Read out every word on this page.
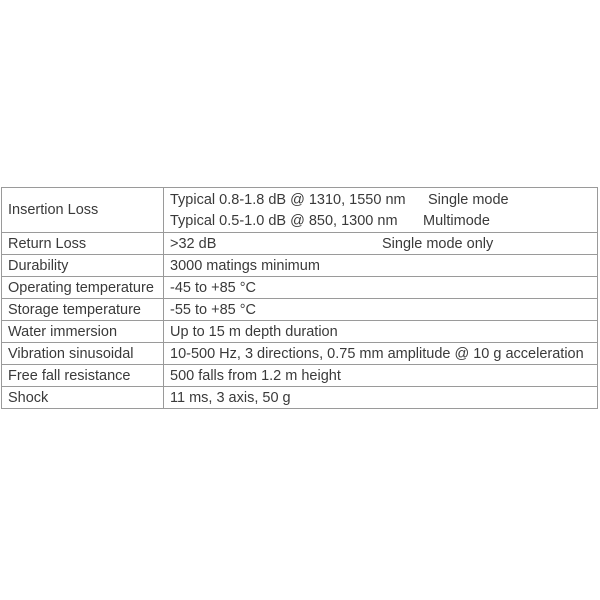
Insertion Loss	Typical 0.8-1.8 dB @ 1310, 1550 nm Single mode
Typical 0.5-1.0 dB @ 850, 1300 nm Multimode

Return Loss	>32 dB Single mode only

Durability	3000 matings minimum
Operating temperature	-45 to +85 °C
Storage temperature	-55 to +85 °C
Water immersion	Up to 15 m depth duration
Vibration sinusoidal	10-500 Hz, 3 directions, 0.75 mm amplitude @ 10 g acceleration
Free fall resistance	500 falls from 1.2 m height
Shock	11 ms, 3 axis, 50 g
